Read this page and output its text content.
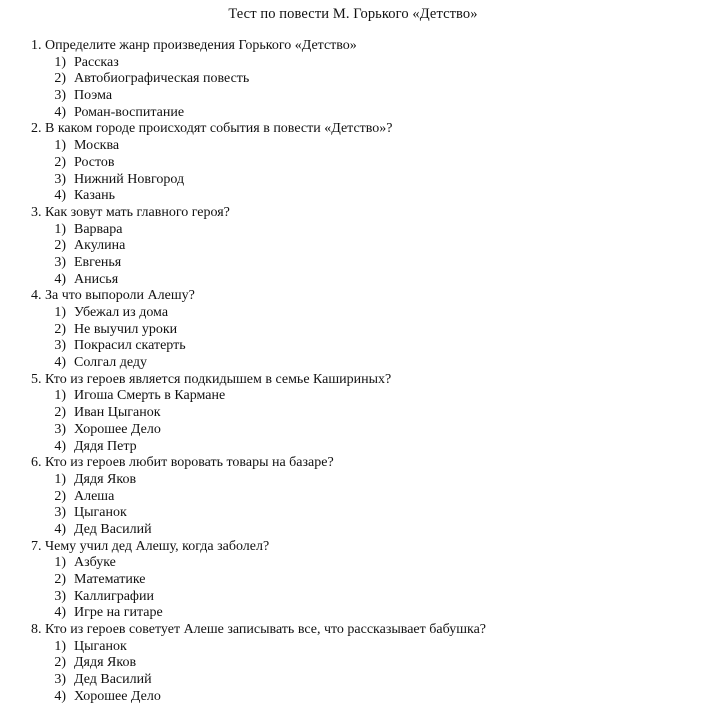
Тест по повести М. Горького «Детство»
1. Определите жанр произведения Горького «Детство»
1) Рассказ
2) Автобиографическая повесть
3) Поэма
4) Роман-воспитание
2. В каком городе происходят события в повести «Детство»?
1) Москва
2) Ростов
3) Нижний Новгород
4) Казань
3. Как зовут мать главного героя?
1) Варвара
2) Акулина
3) Евгенья
4) Анисья
4. За что выпороли Алешу?
1) Убежал из дома
2) Не выучил уроки
3) Покрасил скатерть
4) Солгал деду
5. Кто из героев является подкидышем в семье Кашириных?
1) Игоша Смерть в Кармане
2) Иван Цыганок
3) Хорошее Дело
4) Дядя Петр
6. Кто из героев любит воровать товары на базаре?
1) Дядя Яков
2) Алеша
3) Цыганок
4) Дед Василий
7. Чему учил дед Алешу, когда заболел?
1) Азбуке
2) Математике
3) Каллиграфии
4) Игре на гитаре
8. Кто из героев советует Алеше записывать все, что рассказывает бабушка?
1) Цыганок
2) Дядя Яков
3) Дед Василий
4) Хорошее Дело
